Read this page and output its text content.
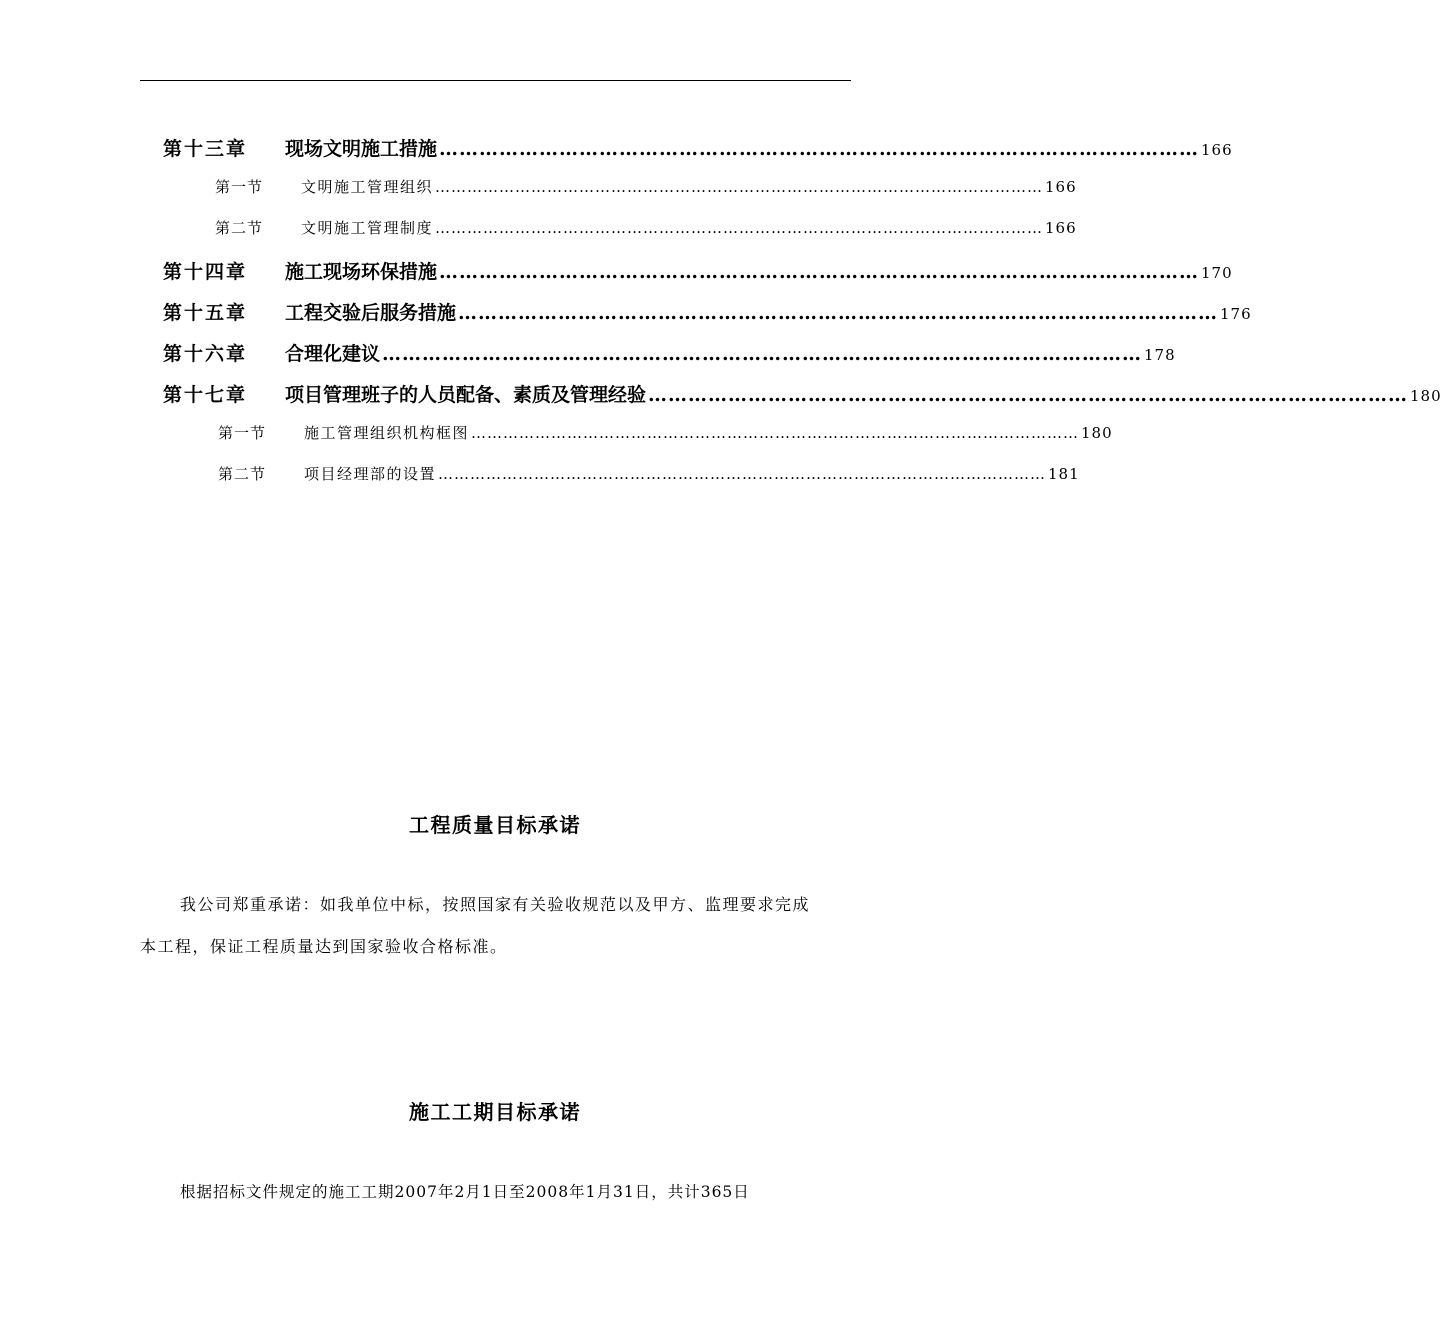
第十三章	现场文明施工措施 …………………………………………………………………………………………………… 166
第一节	文明施工管理组织 …………………………………………………………………………………………………… 166
第二节	文明施工管理制度 …………………………………………………………………………………………………… 166
第十四章	施工现场环保措施 …………………………………………………………………………………………………… 170
第十五章	工程交验后服务措施 …………………………………………………………………………………………………… 176
第十六章	合理化建议 …………………………………………………………………………………………………… 178
第十七章	项目管理班子的人员配备、素质及管理经验 …………………………………………………………………………………………………… 180
第一节	施工管理组织机构框图 …………………………………………………………………………………………………… 180
第二节	项目经理部的设置 …………………………………………………………………………………………………… 181
工程质量目标承诺
我公司郑重承诺：如我单位中标，按照国家有关验收规范以及甲方、监理要求完成
本工程，保证工程质量达到国家验收合格标准。
施工工期目标承诺
根据招标文件规定的施工工期2007年2月1日至2008年1月31日，共计365日
